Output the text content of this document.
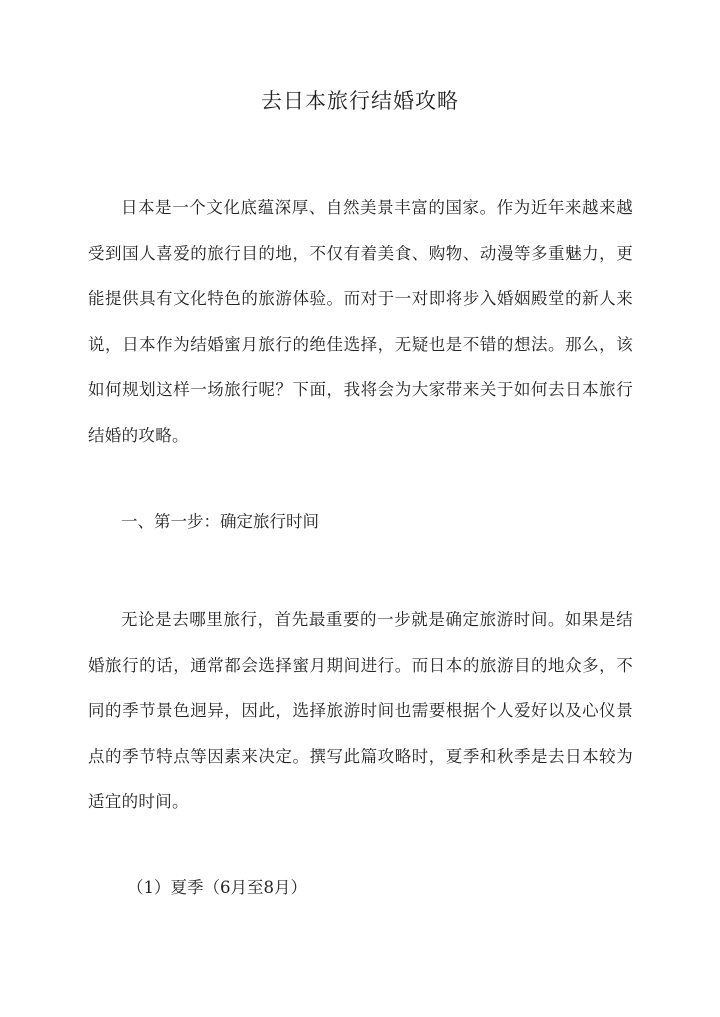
去日本旅行结婚攻略

日本是一个文化底蕴深厚、自然美景丰富的国家。作为近年来越来越受到国人喜爱的旅行目的地，不仅有着美食、购物、动漫等多重魅力，更能提供具有文化特色的旅游体验。而对于一对即将步入婚姻殿堂的新人来说，日本作为结婚蜜月旅行的绝佳选择，无疑也是不错的想法。那么，该如何规划这样一场旅行呢？下面，我将会为大家带来关于如何去日本旅行结婚的攻略。

一、第一步：确定旅行时间

无论是去哪里旅行，首先最重要的一步就是确定旅游时间。如果是结婚旅行的话，通常都会选择蜜月期间进行。而日本的旅游目的地众多，不同的季节景色迥异，因此，选择旅游时间也需要根据个人爱好以及心仪景点的季节特点等因素来决定。撰写此篇攻略时，夏季和秋季是去日本较为适宜的时间。

（1）夏季（6月至8月）
